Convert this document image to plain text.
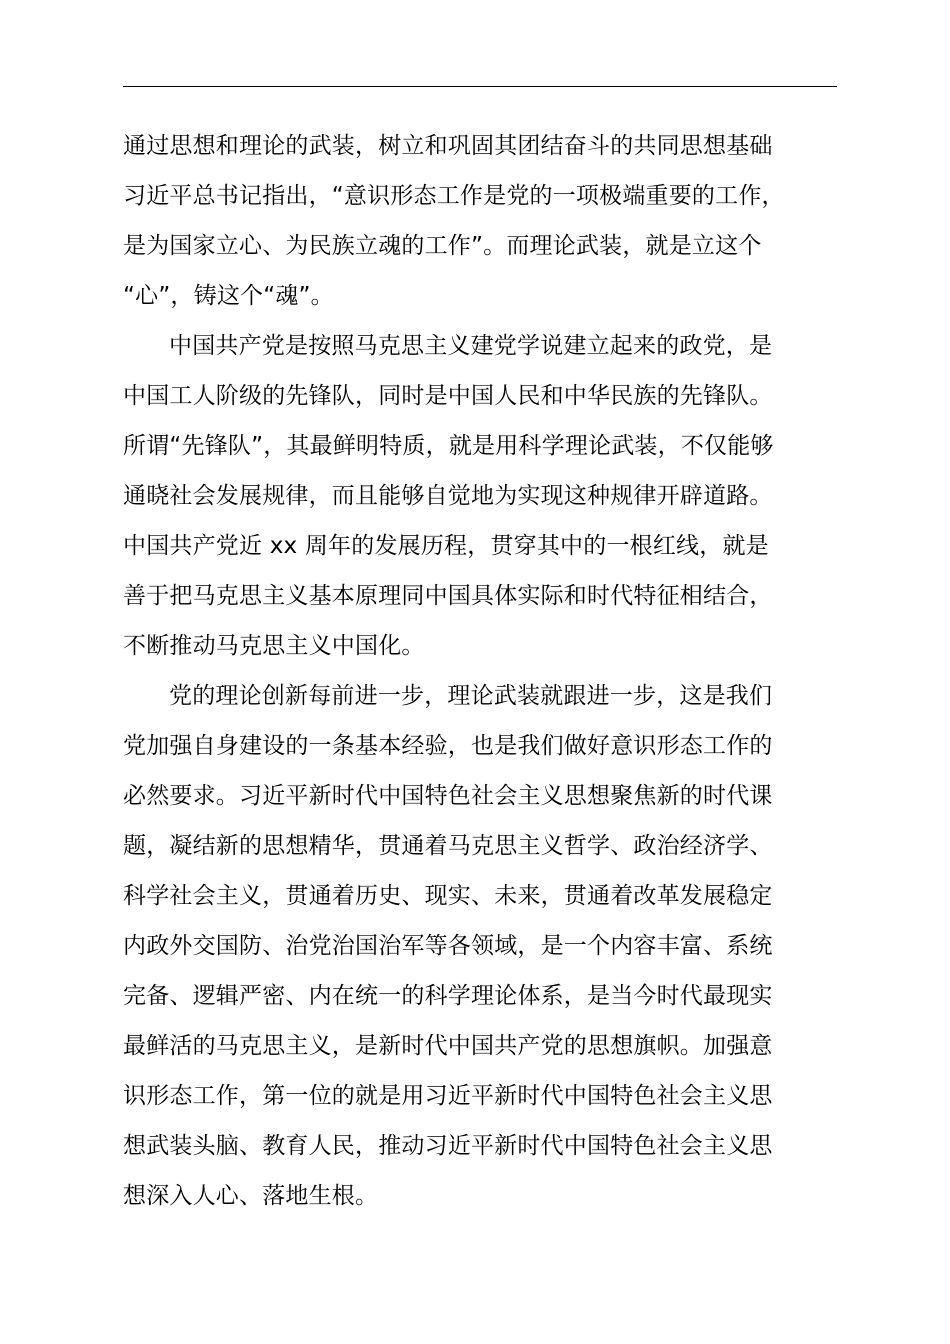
通过思想和理论的武装，树立和巩固其团结奋斗的共同思想基础
习近平总书记指出，“意识形态工作是党的一项极端重要的工作，
是为国家立心、为民族立魂的工作”。而理论武装，就是立这个
“心”，铸这个“魂”。
中国共产党是按照马克思主义建党学说建立起来的政党，是
中国工人阶级的先锋队，同时是中国人民和中华民族的先锋队。
所谓“先锋队”，其最鲜明特质，就是用科学理论武装，不仅能够
通晓社会发展规律，而且能够自觉地为实现这种规律开辟道路。
中国共产党近 xx 周年的发展历程，贯穿其中的一根红线，就是
善于把马克思主义基本原理同中国具体实际和时代特征相结合，
不断推动马克思主义中国化。
党的理论创新每前进一步，理论武装就跟进一步，这是我们
党加强自身建设的一条基本经验，也是我们做好意识形态工作的
必然要求。习近平新时代中国特色社会主义思想聚焦新的时代课
题，凝结新的思想精华，贯通着马克思主义哲学、政治经济学、
科学社会主义，贯通着历史、现实、未来，贯通着改革发展稳定
内政外交国防、治党治国治军等各领域，是一个内容丰富、系统
完备、逻辑严密、内在统一的科学理论体系，是当今时代最现实
最鲜活的马克思主义，是新时代中国共产党的思想旗帜。加强意
识形态工作，第一位的就是用习近平新时代中国特色社会主义思
想武装头脑、教育人民，推动习近平新时代中国特色社会主义思
想深入人心、落地生根。
